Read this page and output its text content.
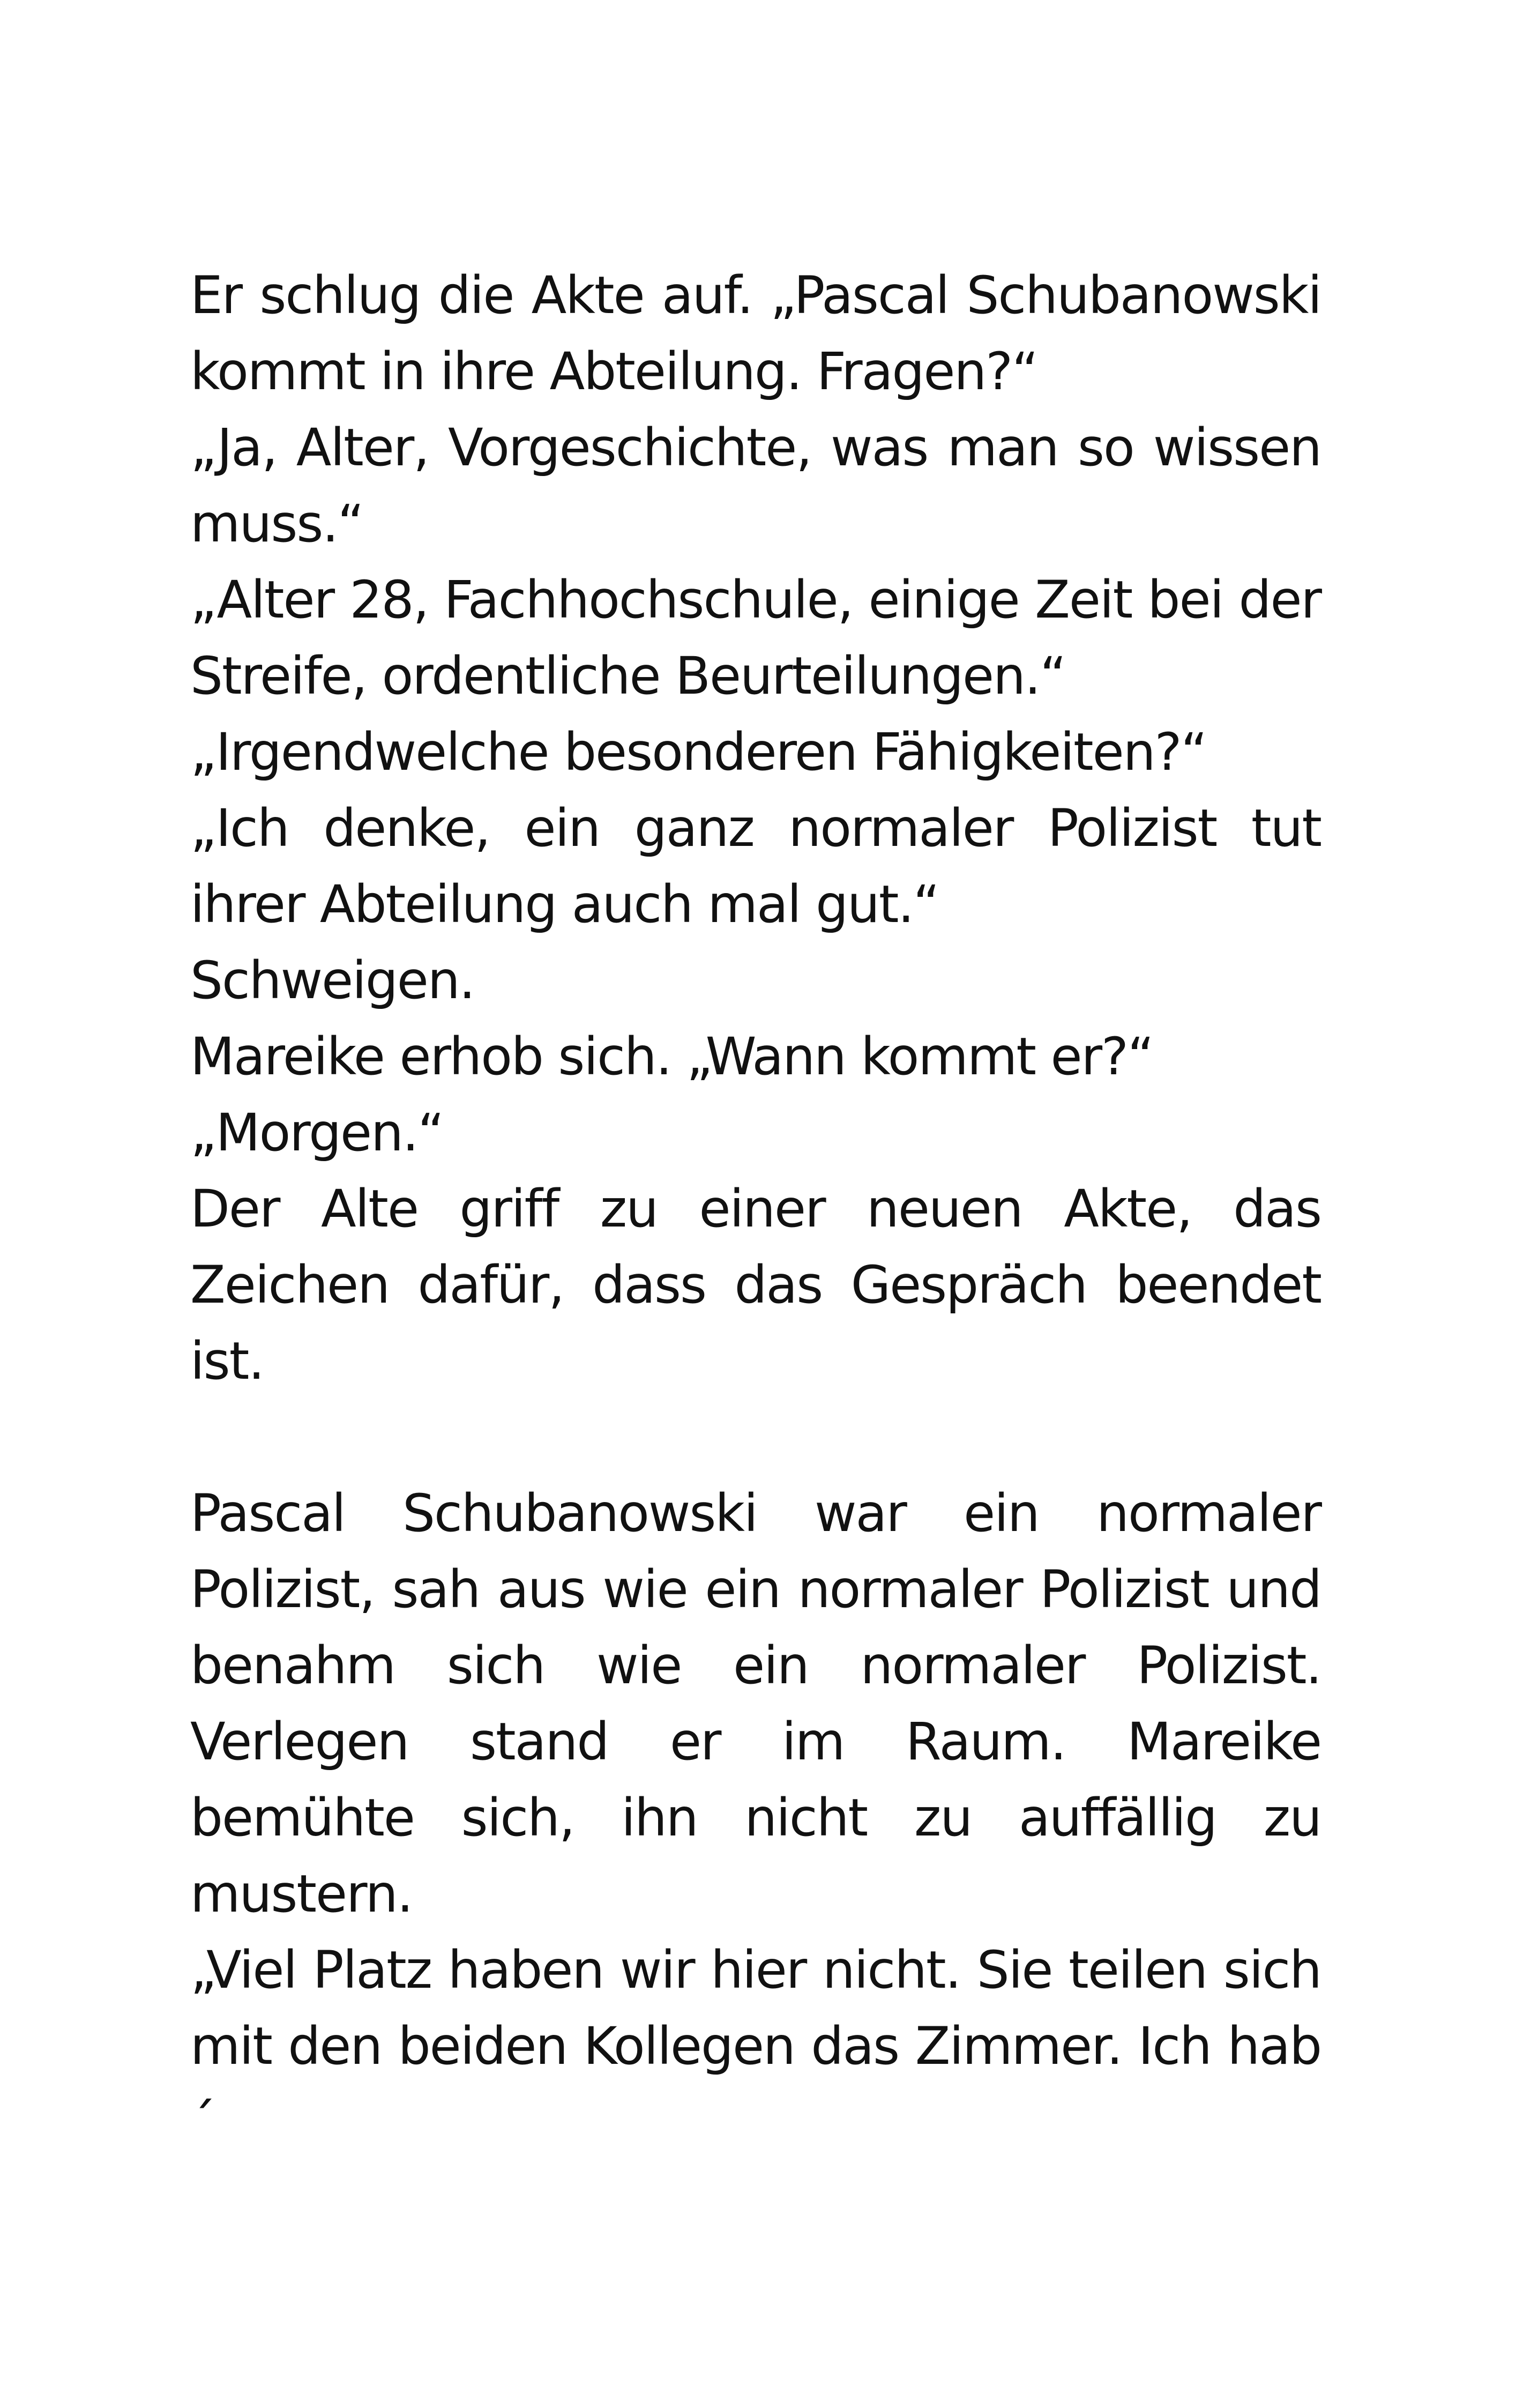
Er schlug die Akte auf. „Pascal Schubanowski kommt in ihre Abteilung. Fragen?“

„Ja, Alter, Vorgeschichte, was man so wissen muss.“

„Alter 28, Fachhochschule, einige Zeit bei der Streife, ordentliche Beurteilungen.“

„Irgendwelche besonderen Fähigkeiten?“

„Ich denke, ein ganz normaler Polizist tut ihrer Abteilung auch mal gut.“

Schweigen.

Mareike erhob sich. „Wann kommt er?“

„Morgen.“

Der Alte griff zu einer neuen Akte, das Zeichen dafür, dass das Gespräch beendet ist.

Pascal Schubanowski war ein normaler Polizist, sah aus wie ein normaler Polizist und benahm sich wie ein normaler Polizist. Verlegen stand er im Raum. Mareike bemühte sich, ihn nicht zu auffällig zu mustern.

„Viel Platz haben wir hier nicht. Sie teilen sich mit den beiden Kollegen das Zimmer. Ich hab´
